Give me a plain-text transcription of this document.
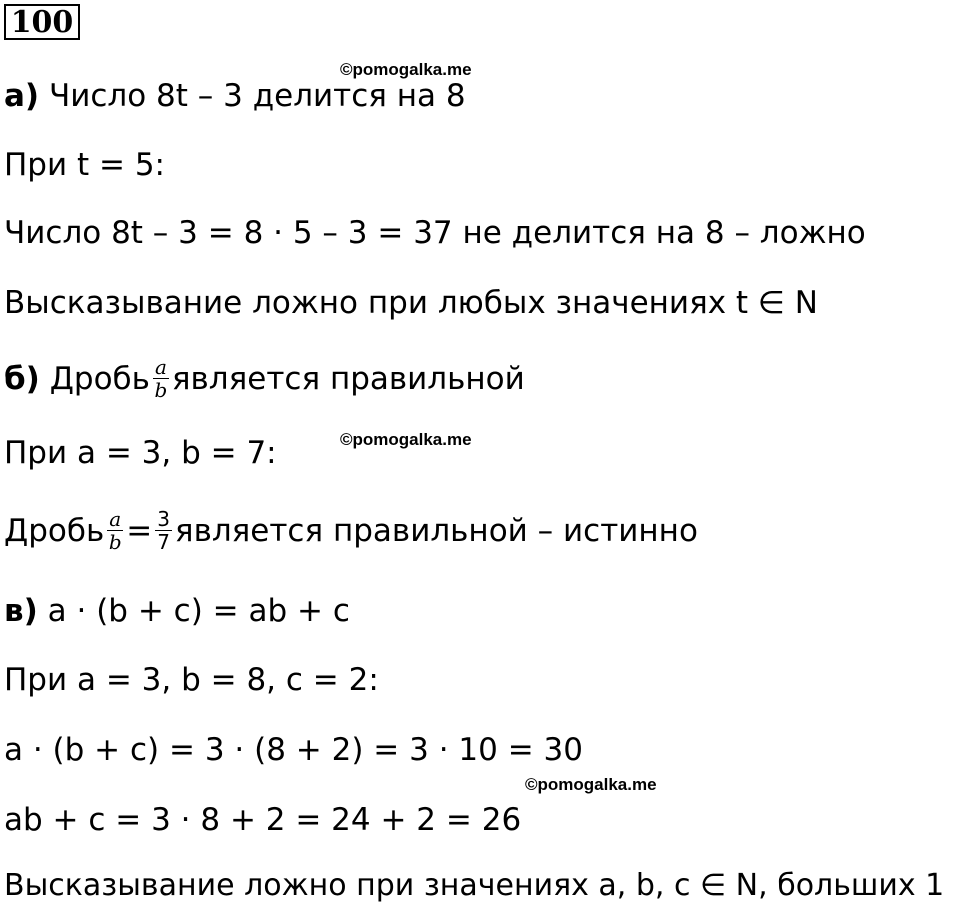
100
©pomogalka.me
©pomogalka.me
©pomogalka.me
а) Число 8t – 3 делится на 8
При t = 5:
Число 8t – 3 = 8 · 5 – 3 = 37 не делится на 8 – ложно
Высказывание ложно при любых значениях t ∈ N
б) Дробь $\frac{a}{b}$ является правильной
При a = 3, b = 7:
Дробь $\frac{a}{b} = \frac{3}{7}$ является правильной – истинно
в) a · (b + c) = ab + c
При a = 3, b = 8, c = 2:
a · (b + c) = 3 · (8 + 2) = 3 · 10 = 30
ab + c = 3 · 8 + 2 = 24 + 2 = 26
Высказывание ложно при значениях a, b, c ∈ N, больших 1
